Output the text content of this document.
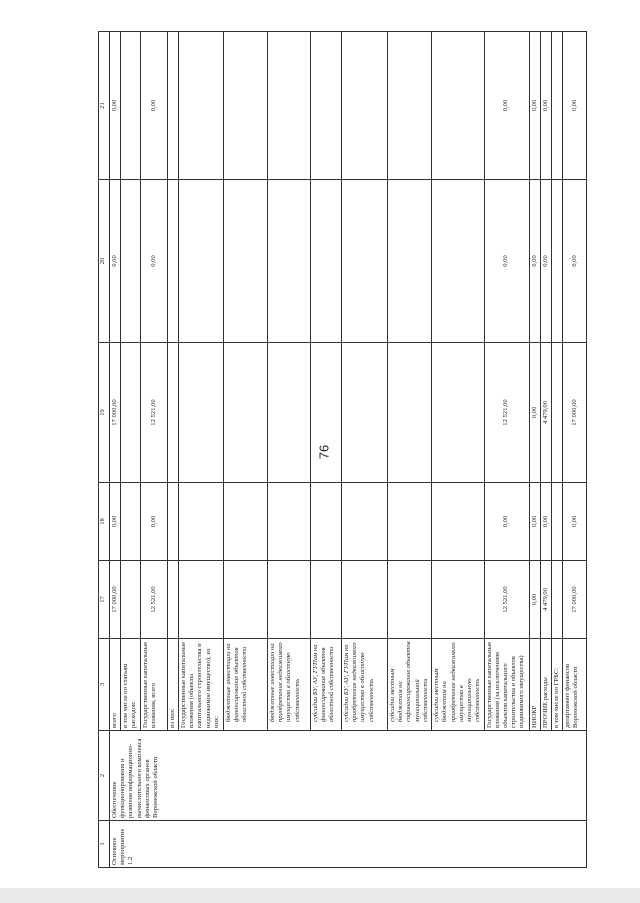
76
1	2	3	17	18	19	20	21
Основное мероприятие 1.2	Обеспечение функционирования и развития информационно-вычислительного комплекса финансовых органов Воронежской области	всего	17 000,00	0,00	17 000,00	0,00	0,00
		в том числе по статьям расходов:					
		Государственные капитальные вложения, всего	12 521,00	0,00	12 521,00	0,00	0,00
		из них:					
		Государственные капитальные вложения (объекты капитального строительства и недвижимое имущество), из них:					
		бюджетные инвестиции на финансирование объектов областной собственности					
		бюджетные инвестиции на приобретение недвижимого имущества в областную собственность					
		субсидии БУ, АУ, ГУПам на финансирование объектов областной собственности					
		субсидии БУ, АУ, ГУПам на приобретение недвижимого имущества в областную собственность					
		субсидии местным бюджетам на софинансирование объектов муниципальной собственности					
		субсидии местным бюджетам на приобретение недвижимого имущества в муниципальную собственность					
		Государственные капитальные вложения (за исключением объектов капитального строительства и объектов недвижимого имущества)	12 521,00	0,00	12 521,00	0,00	0,00
		НИОКР	0,00	0,00	0,00	0,00	0,00
		ПРОЧИЕ расходы	4 479,00	0,00	4 479,00	0,00	0,00
		в том числе по ГРБС:					
		департамент финансов Воронежской области	17 000,00	0,00	17 000,00	0,00	0,00
